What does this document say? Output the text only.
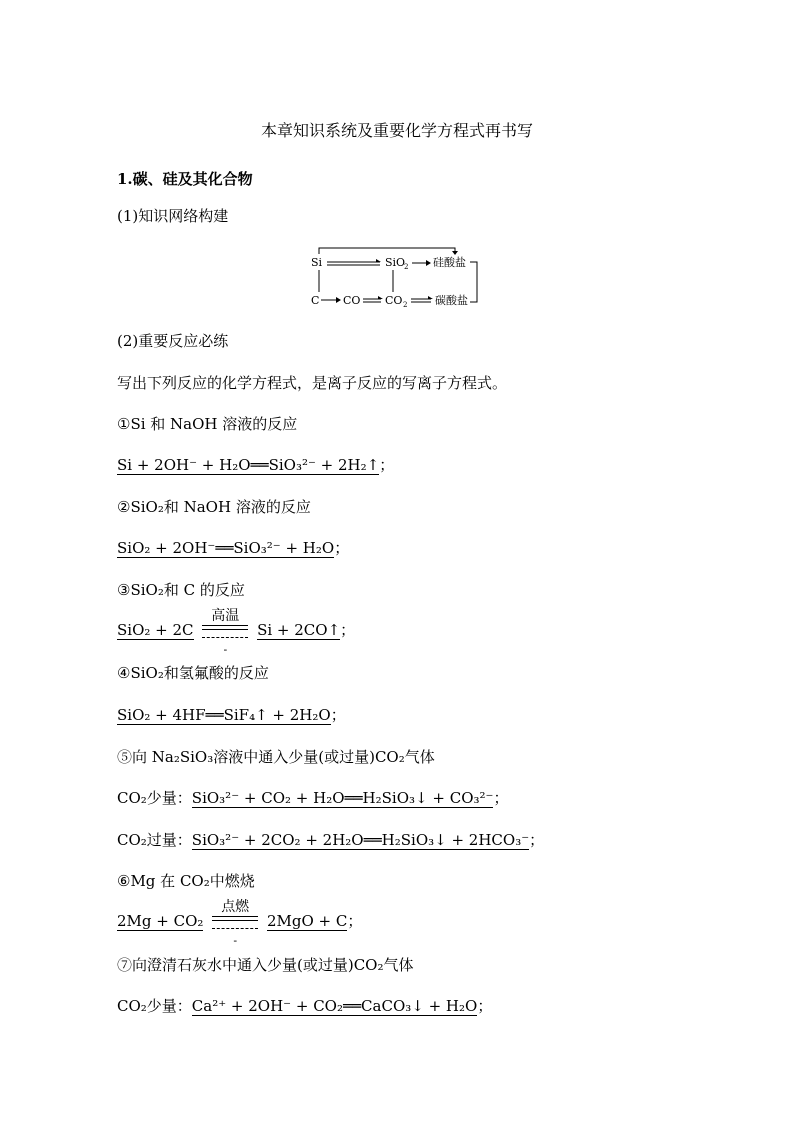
本章知识系统及重要化学方程式再书写
1.碳、硅及其化合物
(1)知识网络构建
Si	SiO
2 硅酸盐
C CO CO 2	碳酸盐
(2)重要反应必练
写出下列反应的化学方程式，是离子反应的写离子方程式。
①Si 和 NaOH 溶液的反应
Si + 2OH⁻ + H₂O══SiO₃²⁻ + 2H₂↑；
②SiO₂和 NaOH 溶液的反应
SiO₂ + 2OH⁻══SiO₃²⁻ + H₂O；
③SiO₂和 C 的反应
SiO₂ + 2C
高温
-
Si + 2CO↑；
④SiO₂和氢氟酸的反应
SiO₂ + 4HF══SiF₄↑ + 2H₂O；
⑤向 Na₂SiO₃溶液中通入少量(或过量)CO₂气体
CO₂少量：SiO₃²⁻ + CO₂ + H₂O══H₂SiO₃↓ + CO₃²⁻；
CO₂过量：SiO₃²⁻ + 2CO₂ + 2H₂O══H₂SiO₃↓ + 2HCO₃⁻；
⑥Mg 在 CO₂中燃烧
2Mg + CO₂
点燃
-
2MgO + C；
⑦向澄清石灰水中通入少量(或过量)CO₂气体
CO₂少量：Ca²⁺ + 2OH⁻ + CO₂══CaCO₃↓ + H₂O；
